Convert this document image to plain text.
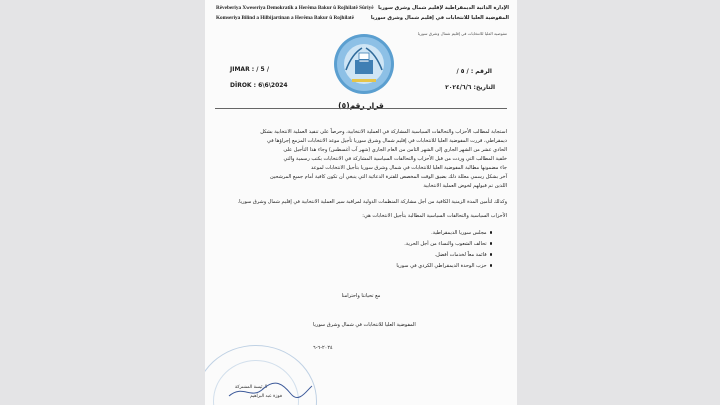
Rêveberiya Xweseriya Demokratîk a Herêma Bakur û Rojhilatê Sûriyê
Komseriya Bilind a Hilbijartinan a Herêma Bakur û Rojhilatê
الإدارة الذاتية الديمقراطية لإقليم شمال وشرق سوريا
المفوضية العليا للانتخابات في إقليم شمال وشرق سوريا
مفوضية العليا للانتخابات في إقليم شمال وشرق سوريا
JIMAR : / 5 /
DÎROK : 6\6\2024
الرقم : / ٥ /
التاريخ: ٢٠٢٤/٦/٦
قرار رقم(٥)
استجابة لمطالب الأحزاب والتحالفات السياسية المشاركة في العملية الانتخابية، وحرصاً على تنفيذ العملية الانتخابية بشكل
ديمقراطي، قررت المفوضية العليا للانتخابات في إقليم شمال وشرق سوريا تأجيل موعد الانتخابات المزمع إجراؤها في
الحادي عشر من الشهر الجاري إلى الشهر الثامن من العام الجاري (شهر آب أغسطس) وجاء هذا التأجيل على
خلفية المطالب التي وردت من قبل الأحزاب والتحالفات السياسية المشاركة في الانتخابات بكتب رسمية والتي
جاء مضمونها مطالبة المفوضية العليا للانتخابات في شمال وشرق سوريا بتأجيل الانتخابات لموعد
آخر بشكل رسمي معللة ذلك بضيق الوقت المخصص للفترة الدعائية التي ينبغي أن تكون كافية أمام جميع المرشحين
اللذين تم قبولهم لخوض العملية الانتخابية
وكذلك لتأمين المدة الزمنية الكافية من أجل مشاركة المنظمات الدولية لمراقبة سير العملية الانتخابية في إقليم شمال وشرق سوريا.
الأحزاب السياسية والتحالفات السياسية المطالبة بتأجيل الانتخابات هي:
مجلس سوريا الديمقراطية.
تحالف الشعوب والنساء من أجل الحرية.
قائمة معاً لخدمات أفضل.
حزب الوحدة الديمقراطي الكردي في سوريا
مع تحياتنا واحترامنا
المفوضية العليا للانتخابات في شمال وشرق سوريا
٢٠٢٤-٦-٦
الرئيسة المشتركة
فوزة عبد البراهيم
